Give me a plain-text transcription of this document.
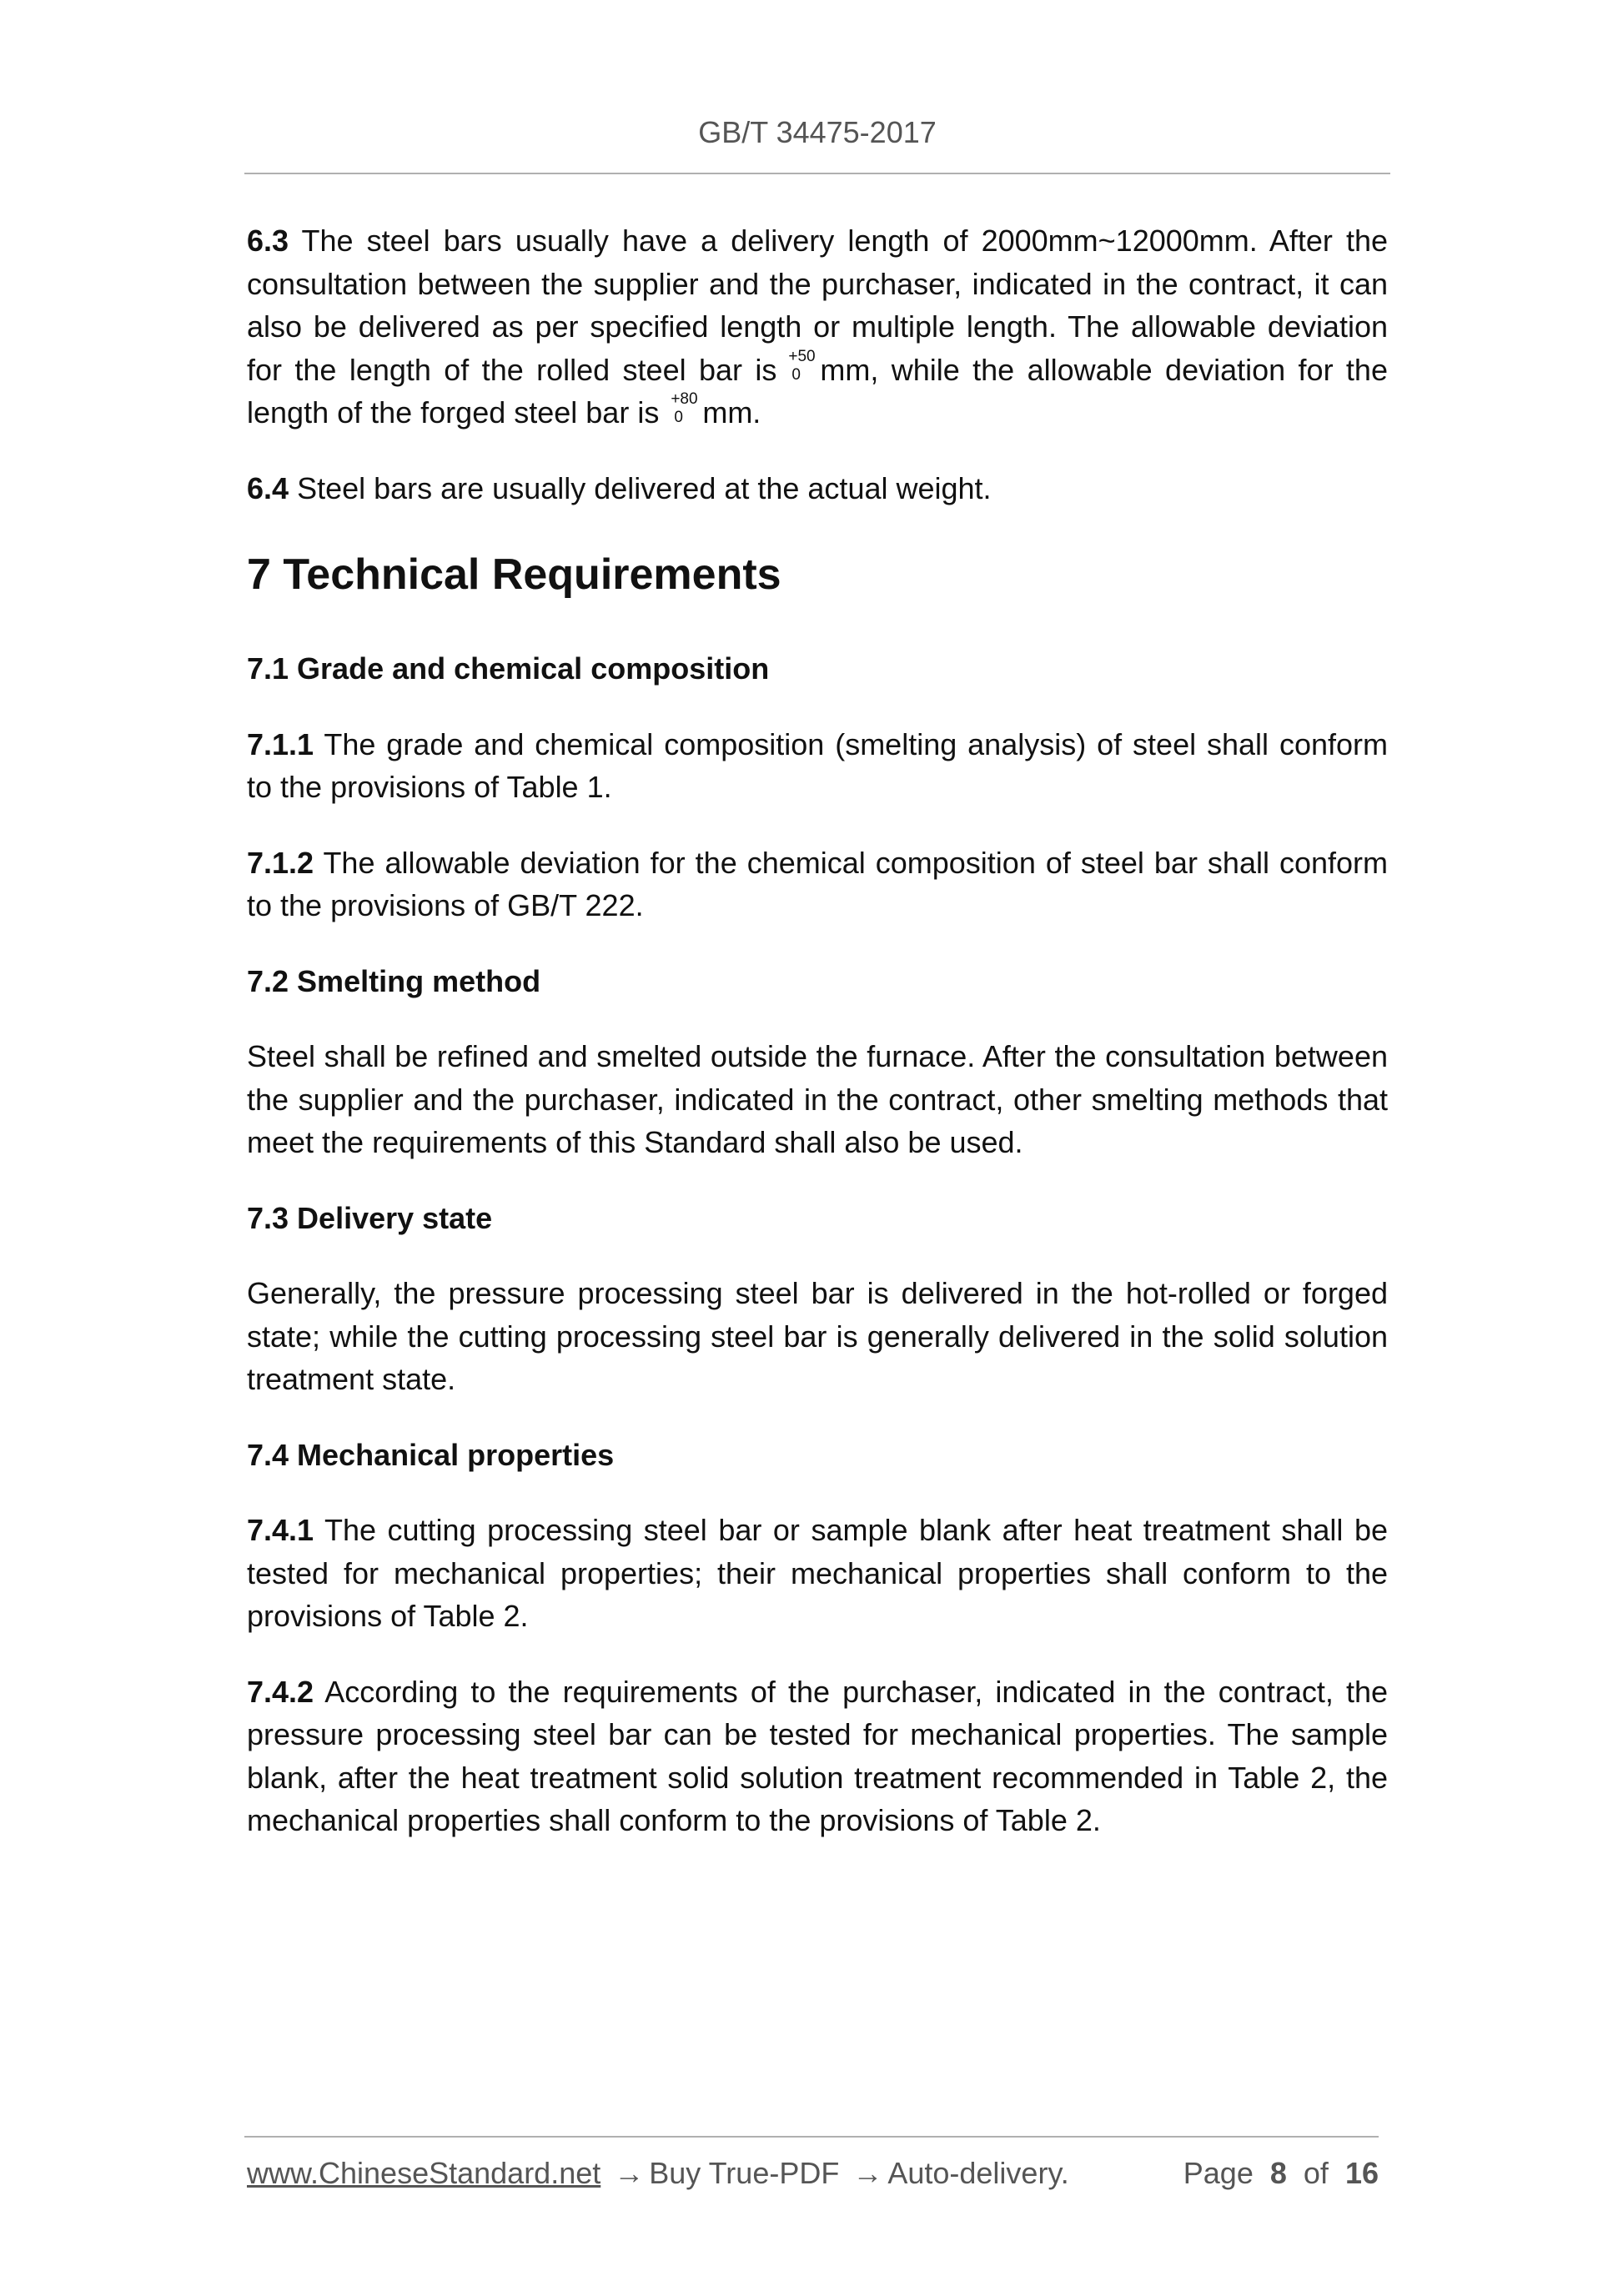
GB/T 34475-2017

6.3 The steel bars usually have a delivery length of 2000mm~12000mm. After the consultation between the supplier and the purchaser, indicated in the contract, it can also be delivered as per specified length or multiple length. The allowable deviation for the length of the rolled steel bar is +50
0 mm, while the allowable deviation for the length of the forged steel bar is +80
0 mm.

6.4 Steel bars are usually delivered at the actual weight.

7 Technical Requirements
7.1 Grade and chemical composition

7.1.1 The grade and chemical composition (smelting analysis) of steel shall conform to the provisions of Table 1.

7.1.2 The allowable deviation for the chemical composition of steel bar shall conform to the provisions of GB/T 222.

7.2 Smelting method

Steel shall be refined and smelted outside the furnace. After the consultation between the supplier and the purchaser, indicated in the contract, other smelting methods that meet the requirements of this Standard shall also be used.

7.3 Delivery state

Generally, the pressure processing steel bar is delivered in the hot-rolled or forged state; while the cutting processing steel bar is generally delivered in the solid solution treatment state.

7.4 Mechanical properties

7.4.1 The cutting processing steel bar or sample blank after heat treatment shall be tested for mechanical properties; their mechanical properties shall conform to the provisions of Table 2.

7.4.2 According to the requirements of the purchaser, indicated in the contract, the pressure processing steel bar can be tested for mechanical properties. The sample blank, after the heat treatment solid solution treatment recommended in Table 2, the mechanical properties shall conform to the provisions of Table 2.

www.ChineseStandard.net → Buy True-PDF → Auto-delivery.	Page 8 of 16
